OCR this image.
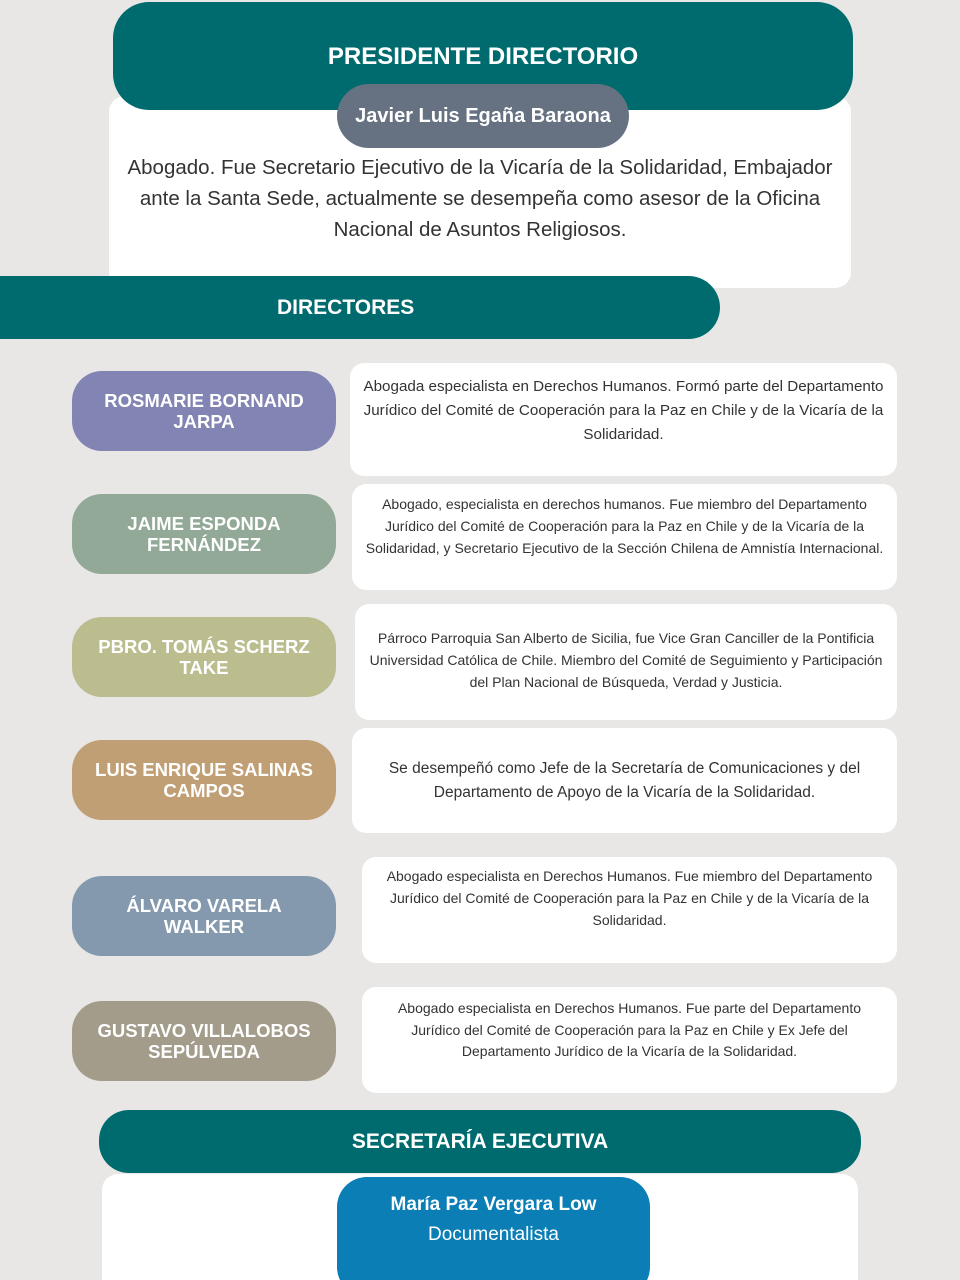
PRESIDENTE DIRECTORIO
Javier Luis Egaña Baraona

Abogado. Fue Secretario Ejecutivo de la Vicaría de la Solidaridad, Embajador ante la Santa Sede, actualmente se desempeña como asesor de la Oficina Nacional de Asuntos Religiosos.

DIRECTORES
ROSMARIE BORNAND JARPA

Abogada especialista en Derechos Humanos. Formó parte del Departamento Jurídico del Comité de Cooperación para la Paz en Chile y de la Vicaría de la Solidaridad.

JAIME ESPONDA FERNÁNDEZ

Abogado, especialista en derechos humanos. Fue miembro del Departamento Jurídico del Comité de Cooperación para la Paz en Chile y de la Vicaría de la Solidaridad, y Secretario Ejecutivo de la Sección Chilena de Amnistía Internacional.

PBRO. TOMÁS SCHERZ TAKE

Párroco Parroquia San Alberto de Sicilia, fue Vice Gran Canciller de la Pontificia Universidad Católica de Chile. Miembro del Comité de Seguimiento y Participación del Plan Nacional de Búsqueda, Verdad y Justicia.

LUIS ENRIQUE SALINAS CAMPOS

Se desempeñó como Jefe de la Secretaría de Comunicaciones y del Departamento de Apoyo de la Vicaría de la Solidaridad.

ÁLVARO VARELA WALKER

Abogado especialista en Derechos Humanos. Fue miembro del Departamento Jurídico del Comité de Cooperación para la Paz en Chile y de la Vicaría de la Solidaridad.

GUSTAVO VILLALOBOS SEPÚLVEDA

Abogado especialista en Derechos Humanos. Fue parte del Departamento Jurídico del Comité de Cooperación para la Paz en Chile y Ex Jefe del Departamento Jurídico de la Vicaría de la Solidaridad.

SECRETARÍA EJECUTIVA
María Paz Vergara Low
Documentalista
